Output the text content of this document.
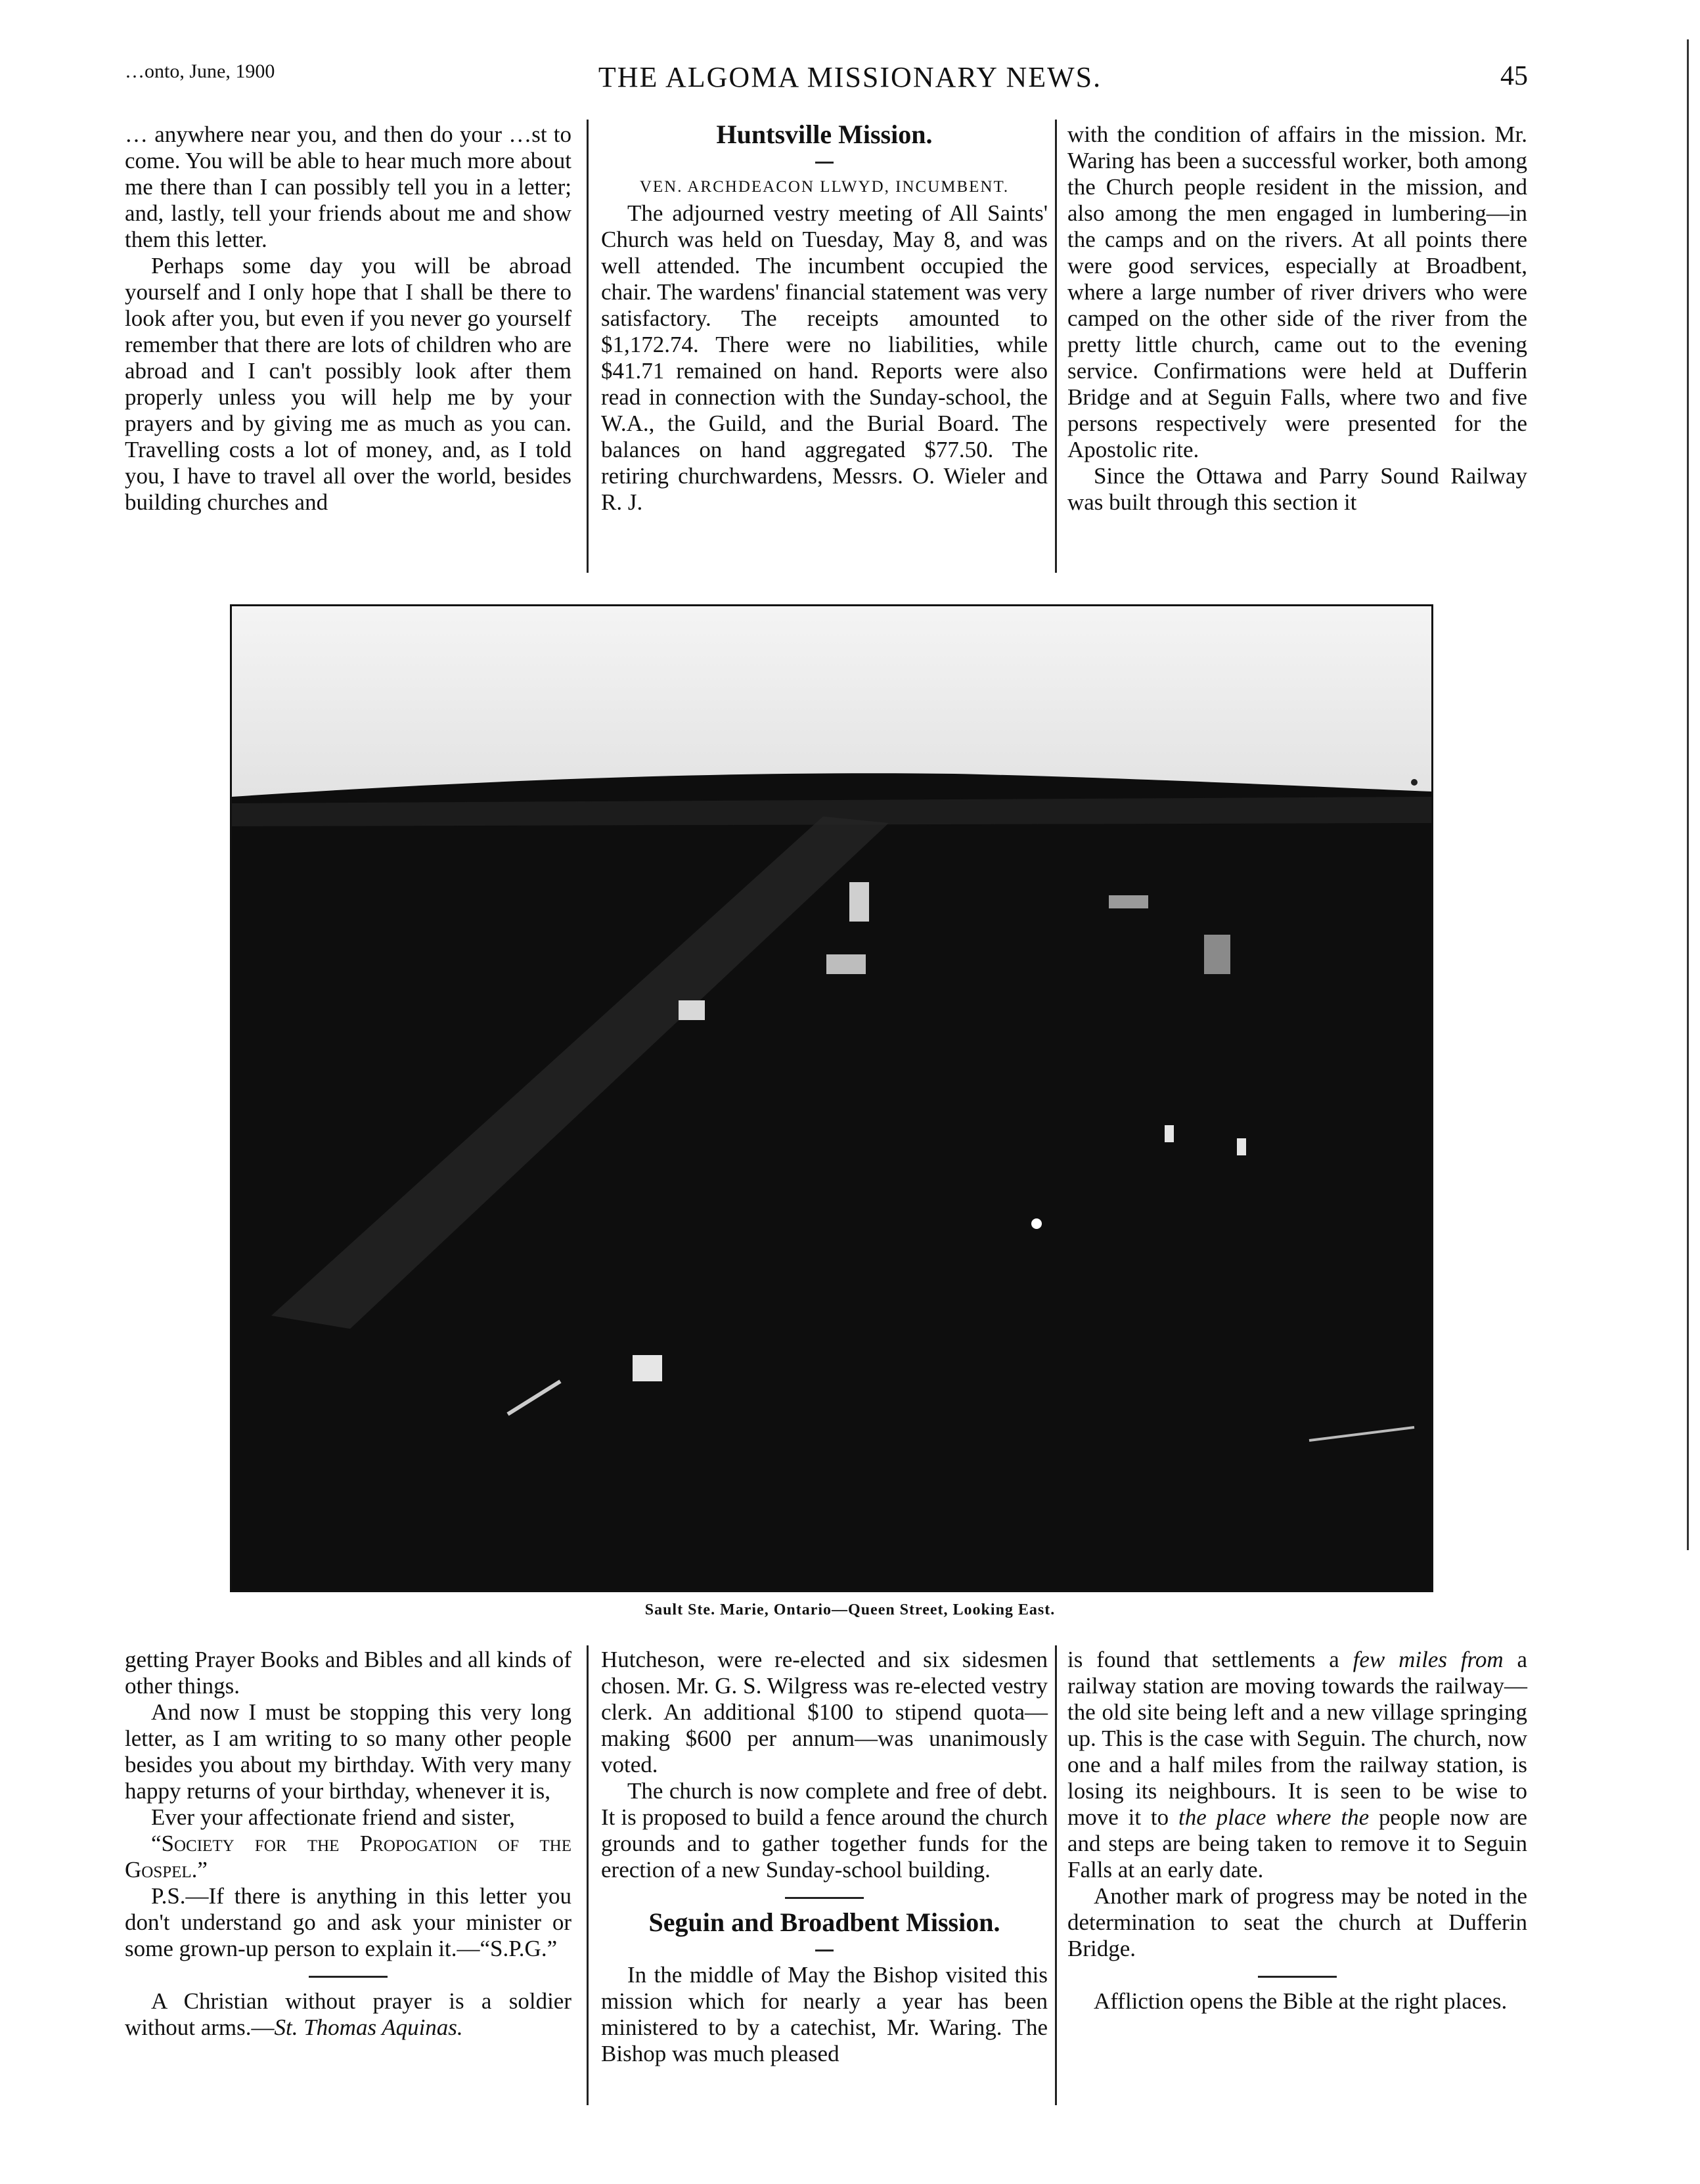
…onto, June, 1900	THE ALGOMA MISSIONARY NEWS.	45

… anywhere near you, and then do your …st to come. You will be able to hear much more about me there than I can possibly tell you in a letter; and, lastly, tell your friends about me and show them this letter.

Perhaps some day you will be abroad yourself and I only hope that I shall be there to look after you, but even if you never go yourself remember that there are lots of children who are abroad and I can't possibly look after them properly unless you will help me by your prayers and by giving me as much as you can. Travelling costs a lot of money, and, as I told you, I have to travel all over the world, besides building churches and

Huntsville Mission.

VEN. ARCHDEACON LLWYD, INCUMBENT.

The adjourned vestry meeting of All Saints' Church was held on Tuesday, May 8, and was well attended. The incumbent occupied the chair. The wardens' financial statement was very satisfactory. The receipts amounted to $1,172.74. There were no liabilities, while $41.71 remained on hand. Reports were also read in connection with the Sunday-school, the W.A., the Guild, and the Burial Board. The balances on hand aggregated $77.50. The retiring churchwardens, Messrs. O. Wieler and R. J.

with the condition of affairs in the mission. Mr. Waring has been a successful worker, both among the Church people resident in the mission, and also among the men engaged in lumbering—in the camps and on the rivers. At all points there were good services, especially at Broadbent, where a large number of river drivers who were camped on the other side of the river from the pretty little church, came out to the evening service. Confirmations were held at Dufferin Bridge and at Seguin Falls, where two and five persons respectively were presented for the Apostolic rite.

Since the Ottawa and Parry Sound Railway was built through this section it

Sault Ste. Marie, Ontario—Queen Street, Looking East.

getting Prayer Books and Bibles and all kinds of other things.

And now I must be stopping this very long letter, as I am writing to so many other people besides you about my birthday. With very many happy returns of your birthday, whenever it is,

Ever your affectionate friend and sister,

“Society for the Propogation of the Gospel.”

P.S.—If there is anything in this letter you don't understand go and ask your minister or some grown-up person to explain it.—“S.P.G.”

A Christian without prayer is a soldier without arms.—St. Thomas Aquinas.

Hutcheson, were re-elected and six sidesmen chosen. Mr. G. S. Wilgress was re-elected vestry clerk. An additional $100 to stipend quota—making $600 per annum—was unanimously voted.

The church is now complete and free of debt. It is proposed to build a fence around the church grounds and to gather together funds for the erection of a new Sunday-school building.

Seguin and Broadbent Mission.

In the middle of May the Bishop visited this mission which for nearly a year has been ministered to by a catechist, Mr. Waring. The Bishop was much pleased

is found that settlements a few miles from a railway station are moving towards the railway—the old site being left and a new village springing up. This is the case with Seguin. The church, now one and a half miles from the railway station, is losing its neighbours. It is seen to be wise to move it to the place where the people now are and steps are being taken to remove it to Seguin Falls at an early date.

Another mark of progress may be noted in the determination to seat the church at Dufferin Bridge.

Affliction opens the Bible at the right places.
